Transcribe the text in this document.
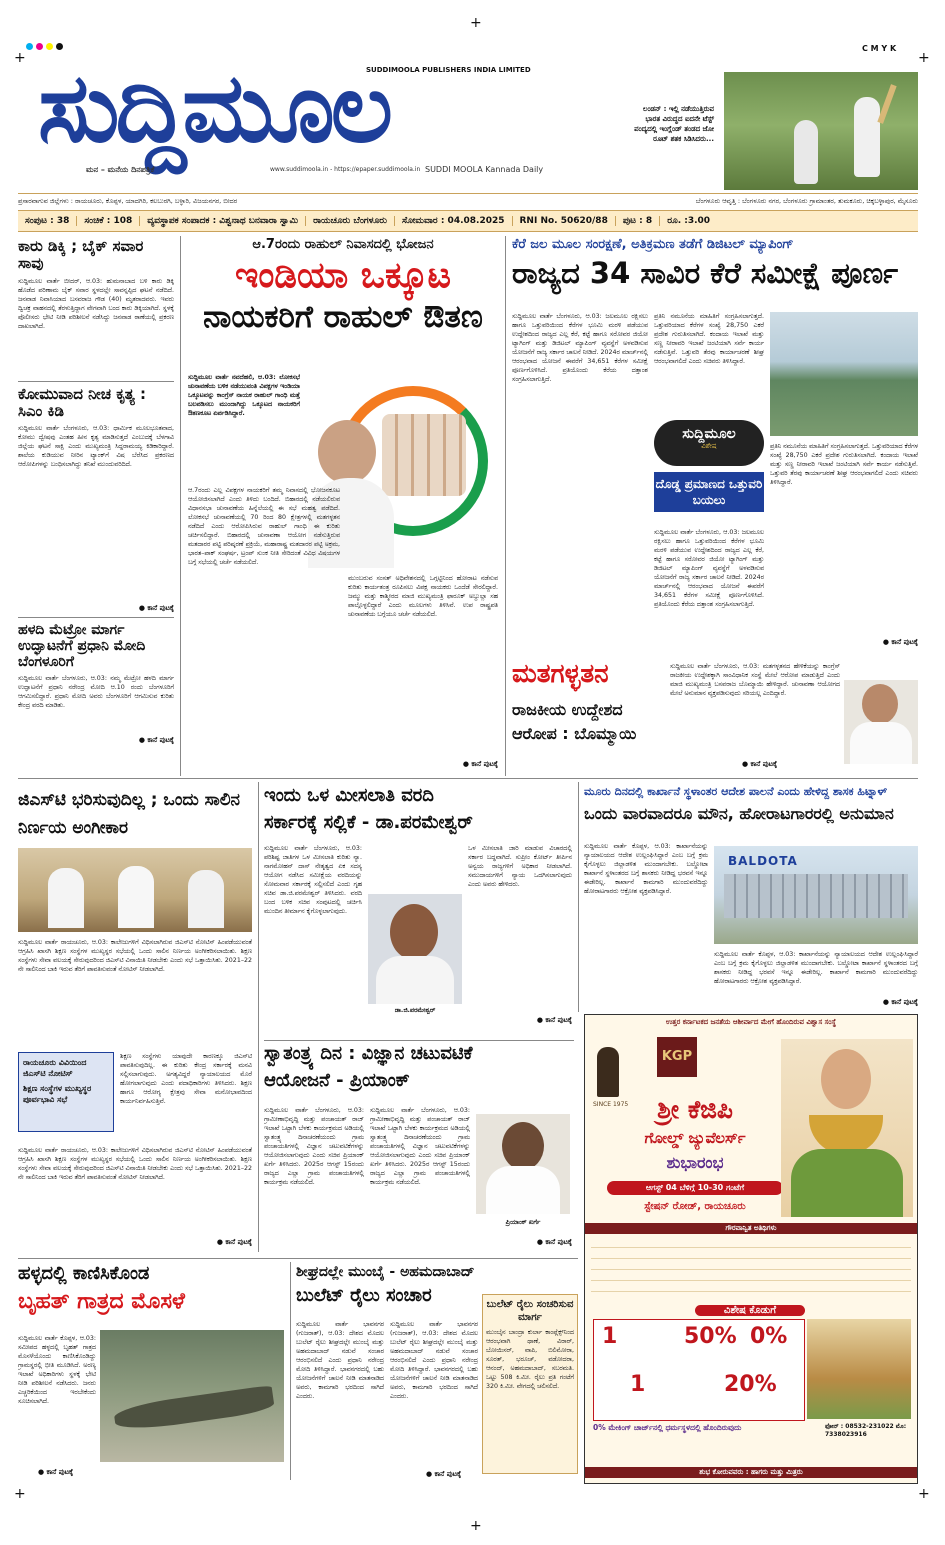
C M Y K
+
+	+
+	+
+
SUDDIMOOLA PUBLISHERS INDIA LIMITED
ಸುದ್ದಿಮೂಲ
ಮನ – ಮನೆಯ ದಿನಪತ್ರಿಕೆ	www.suddimoola.in - https://epaper.suddimoola.in SUDDI MOOLA Kannada Daily
ಲಂಡನ್ : ಇಲ್ಲಿ ನಡೆಯುತ್ತಿರುವ ಭಾರತ ವಿರುದ್ಧದ ಐದನೇ ಟೆಸ್ಟ್ ಪಂದ್ಯದಲ್ಲಿ ಇಂಗ್ಲೆಂಡ್ ತಂಡದ ಜೋ ರೂಟ್ ಶತಕ ಸಿಡಿಸಿದರು...
ಪ್ರಸಾರವಾಗುವ ಜಿಲ್ಲೆಗಳು : ರಾಯಚೂರು, ಕೊಪ್ಪಳ, ಯಾದಗಿರಿ, ಕಲಬುರಗಿ, ಬಳ್ಳಾರಿ, ವಿಜಯನಗರ, ಬೀದರ	ಬೆಂಗಳೂರು ಆವೃತ್ತಿ : ಬೆಂಗಳೂರು ನಗರ, ಬೆಂಗಳೂರು ಗ್ರಾಮಾಂತರ, ತುಮಕೂರು, ಚಿಕ್ಕಬಳ್ಳಾಪುರ, ಮೈಸೂರು
ಸಂಪುಟ : 38	ಸಂಚಿಕೆ : 108	ವ್ಯವಸ್ಥಾಪಕ ಸಂಪಾದಕ : ವಿಶ್ವನಾಥ ಬನವಾರಾ ಸ್ವಾಮಿ	ರಾಯಚೂರು ಬೆಂಗಳೂರು	ಸೋಮವಾರ : 04.08.2025	RNI No. 50620/88	ಪುಟ : 8	ರೂ. :3.00
ಕಾರು ಡಿಕ್ಕಿ ; ಬೈಕ್ ಸವಾರ ಸಾವು
ಸುದ್ದಿಮೂಲ ವಾರ್ತೆ ಬೀದರ್, ಆ.03: ಹುಮನಾಬಾದ ಬಳಿ ಕಾರು ಡಿಕ್ಕಿ ಹೊಡೆದ ಪರಿಣಾಮ ಬೈಕ್ ಸವಾರ ಸ್ಥಳದಲ್ಲೇ ಸಾವನ್ನಪ್ಪಿದ ಘಟನೆ ನಡೆದಿದೆ. ಜನವಾಡ ನಿವಾಸಿಯಾದ ಬಸವರಾಜ ಗೌಡ (40) ಮೃತರಾದವರು. ಇವರು ದ್ವಿಚಕ್ರ ವಾಹನದಲ್ಲಿ ತೆರಳುತ್ತಿದ್ದಾಗ ವೇಗವಾಗಿ ಬಂದ ಕಾರು ಡಿಕ್ಕಿಯಾಗಿದೆ. ಸ್ಥಳಕ್ಕೆ ಪೊಲೀಸರು ಭೇಟಿ ನೀಡಿ ಪರಿಶೀಲನೆ ನಡೆಸಿದ್ದು ಜನವಾಡ ಠಾಣೆಯಲ್ಲಿ ಪ್ರಕರಣ ದಾಖಲಾಗಿದೆ.
ಕೋಮುವಾದ ನೀಚ ಕೃತ್ಯ : ಸಿಎಂ ಕಿಡಿ
ಸುದ್ದಿಮೂಲ ವಾರ್ತೆ ಬೆಂಗಳೂರು, ಆ.03: ಧಾರ್ಮಿಕ ಮೂಲಭೂತವಾದ, ಕೋಮು ದ್ವೇಷವು ಎಂತಹ ಹೀನ ಕೃತ್ಯ ಮಾಡಿಸುತ್ತದೆ ಎಂಬುದಕ್ಕೆ ಬೆಳಗಾವಿ ಜಿಲ್ಲೆಯ ಘಟನೆ ಸಾಕ್ಷಿ ಎಂದು ಮುಖ್ಯಮಂತ್ರಿ ಸಿದ್ದರಾಮಯ್ಯ ಕಿಡಿಕಾರಿದ್ದಾರೆ. ಶಾಲೆಯ ಕುಡಿಯುವ ನೀರಿನ ಟ್ಯಾಂಕ್‌ಗೆ ವಿಷ ಬೆರೆಸಿದ ಪ್ರಕರಣದ ಆರೋಪಿಗಳನ್ನು ಬಂಧಿಸಲಾಗಿದ್ದು ತನಿಖೆ ಮುಂದುವರಿದಿದೆ.
● ಕಾನೆ ಪುಟಕ್ಕೆ
ಹಳದಿ ಮೆಟ್ರೋ ಮಾರ್ಗ ಉದ್ಘಾಟನೆಗೆ ಪ್ರಧಾನಿ ಮೋದಿ ಬೆಂಗಳೂರಿಗೆ
ಸುದ್ದಿಮೂಲ ವಾರ್ತೆ ಬೆಂಗಳೂರು, ಆ.03: ನಮ್ಮ ಮೆಟ್ರೋ ಹಳದಿ ಮಾರ್ಗ ಉದ್ಘಾಟನೆಗೆ ಪ್ರಧಾನಿ ನರೇಂದ್ರ ಮೋದಿ ಆ.10 ರಂದು ಬೆಂಗಳೂರಿಗೆ ಆಗಮಿಸಲಿದ್ದಾರೆ. ಪ್ರಧಾನಿ ಮೋದಿ ಅವರು ಬೆಂಗಳೂರಿಗೆ ಆಗಮಿಸುವ ಕುರಿತು ಕೇಂದ್ರ ವರದಿ ಮಾಡಿತು.
● ಕಾನೆ ಪುಟಕ್ಕೆ
ಆ.7ರಂದು ರಾಹುಲ್ ನಿವಾಸದಲ್ಲಿ ಭೋಜನ
ಇಂಡಿಯಾ ಒಕ್ಕೂಟ
ನಾಯಕರಿಗೆ ರಾಹುಲ್ ಔತಣ
ಸುದ್ದಿಮೂಲ ವಾರ್ತೆ ನವದೆಹಲಿ, ಆ.03: ಲೋಕಸಭೆ ಚುನಾವಣೆಯ ಬಳಿಕ ನಡೆಯುವಂತಿ ವಿಪಕ್ಷಗಳ ಇಂಡಿಯಾ ಒಕ್ಕೂಟವನ್ನು ಕಾಂಗ್ರೆಸ್ ನಾಯಕ ರಾಹುಲ್ ಗಾಂಧಿ ಮತ್ತೆ ಬಲಪಡಿಸಲು ಮುಂದಾಗಿದ್ದು ಒಕ್ಕೂಟದ ನಾಯಕರಿಗೆ ಔತಣಕೂಟ ಏರ್ಪಡಿಸಿದ್ದಾರೆ.
ಆ.7ರಂದು ಎಲ್ಲ ವಿಪಕ್ಷಗಳ ನಾಯಕರಿಗೆ ತಮ್ಮ ನಿವಾಸದಲ್ಲಿ ಭೋಜನಕೂಟ ಆಯೋಜಿಸಲಾಗಿದೆ ಎಂದು ತಿಳಿದು ಬಂದಿದೆ. ಬಿಹಾರದಲ್ಲಿ ನಡೆಯಲಿರುವ ವಿಧಾನಸಭಾ ಚುನಾವಣೆಯ ಹಿನ್ನೆಲೆಯಲ್ಲಿ ಈ ಸಭೆ ಮಹತ್ವ ಪಡೆದಿದೆ. ಲೋಕಸಭೆ ಚುನಾವಣೆಯಲ್ಲಿ 70 ರಿಂದ 80 ಕ್ಷೇತ್ರಗಳಲ್ಲಿ ಮತಗಳ್ಳತನ ನಡೆದಿದೆ ಎಂದು ಆರೋಪಿಸಿರುವ ರಾಹುಲ್ ಗಾಂಧಿ ಈ ಕುರಿತು ಚರ್ಚಿಸಲಿದ್ದಾರೆ. ಬಿಹಾರದಲ್ಲಿ ಚುನಾವಣಾ ಆಯೋಗ ನಡೆಸುತ್ತಿರುವ ಮತದಾರರ ಪಟ್ಟಿ ಪರಿಷ್ಕರಣೆ ಪ್ರಕ್ರಿಯೆ, ಮಹಾರಾಷ್ಟ್ರ ಮತದಾರರ ಪಟ್ಟಿ ಅಕ್ರಮ, ಭಾರತ–ಪಾಕ್ ಸಂಘರ್ಷ, ಟ್ರಂಪ್ ಸುಂಕ ನೀತಿ ಸೇರಿದಂತೆ ವಿವಿಧ ವಿಷಯಗಳ ಬಗ್ಗೆ ಸಭೆಯಲ್ಲಿ ಚರ್ಚೆ ನಡೆಯಲಿದೆ.
ಮುಂಬರುವ ಸಂಸತ್ ಅಧಿವೇಶನದಲ್ಲಿ ಒಗ್ಗಟ್ಟಿನಿಂದ ಹೋರಾಟ ನಡೆಸುವ ಕುರಿತು ಕಾರ್ಯತಂತ್ರ ರೂಪಿಸಲು ವಿಪಕ್ಷ ನಾಯಕರು ಒಂದೆಡೆ ಸೇರಲಿದ್ದಾರೆ. ಜಮ್ಮು ಮತ್ತು ಕಾಶ್ಮೀರದ ಮಾಜಿ ಮುಖ್ಯಮಂತ್ರಿ ಫಾರೂಕ್ ಅಬ್ದುಲ್ಲಾ ಸಹ ಪಾಲ್ಗೊಳ್ಳಲಿದ್ದಾರೆ ಎಂದು ಮೂಲಗಳು ತಿಳಿಸಿವೆ. ಉಪ ರಾಷ್ಟ್ರಪತಿ ಚುನಾವಣೆಯ ಬಗ್ಗೆಯೂ ಚರ್ಚೆ ನಡೆಯಲಿದೆ.
● ಕಾನೆ ಪುಟಕ್ಕೆ
ಕೆರೆ ಜಲ ಮೂಲ ಸಂರಕ್ಷಣೆ, ಅತಿಕ್ರಮಣ ತಡೆಗೆ ಡಿಜಿಟಲ್ ಮ್ಯಾಪಿಂಗ್
ರಾಜ್ಯದ 34 ಸಾವಿರ ಕೆರೆ ಸಮೀಕ್ಷೆ ಪೂರ್ಣ
ಸುದ್ದಿಮೂಲ ವಾರ್ತೆ ಬೆಂಗಳೂರು, ಆ.03: ಜಲಮೂಲ ರಕ್ಷಿಸಲು ಹಾಗೂ ಒತ್ತುವರಿಯಿಂದ ಕೆರೆಗಳ ಭೂಮಿ ಮರಳಿ ಪಡೆಯುವ ಉದ್ದೇಶದಿಂದ ರಾಜ್ಯದ ಎಲ್ಲ ಕೆರೆ, ಕಟ್ಟೆ ಹಾಗೂ ಸರೋವರ ಜಿಯೋ ಟ್ಯಾಗಿಂಗ್ ಮತ್ತು ಡಿಜಿಟಲ್ ಮ್ಯಾಪಿಂಗ್ ವ್ಯವಸ್ಥೆಗೆ ಅಳವಡಿಸುವ ಯೋಜನೆಗೆ ರಾಜ್ಯ ಸರ್ಕಾರ ಚಾಲನೆ ನೀಡಿದೆ. 2024ರ ಮಾರ್ಚ್‌ನಲ್ಲಿ ಆರಂಭವಾದ ಯೋಜನೆ ಈವರೆಗೆ 34,651 ಕೆರೆಗಳ ಸಮೀಕ್ಷೆ ಪೂರ್ಣಗೊಳಿಸಿದೆ. ಪ್ರತಿಯೊಂದು ಕೆರೆಯ ದತ್ತಾಂಶ ಸಂಗ್ರಹಿಸಲಾಗುತ್ತಿದೆ.
ಪ್ರತಿನಿ ನಮೂನೆಯ ಮಾಹಿತಿಗೆ ಸಂಗ್ರಹಿಸಲಾಗುತ್ತದೆ. ಒತ್ತುವರಿಯಾದ ಕೆರೆಗಳ ಸಂಖ್ಯೆ 28,750 ಎಕರೆ ಪ್ರದೇಶ ಗುರುತಿಸಲಾಗಿದೆ. ಕಂದಾಯ ಇಲಾಖೆ ಮತ್ತು ಸಣ್ಣ ನೀರಾವರಿ ಇಲಾಖೆ ಜಂಟಿಯಾಗಿ ಸರ್ವೆ ಕಾರ್ಯ ನಡೆಸುತ್ತಿವೆ. ಒತ್ತುವರಿ ತೆರವು ಕಾರ್ಯಾಚರಣೆ ಶೀಘ್ರ ಆರಂಭವಾಗಲಿದೆ ಎಂದು ಸಚಿವರು ತಿಳಿಸಿದ್ದಾರೆ.
ಸುದ್ದಿಮೂಲ
ವಿಶೇಷ
ದೊಡ್ಡ ಪ್ರಮಾಣದ ಒತ್ತುವರಿ ಬಯಲು
ಪ್ರತಿನಿ ನಮೂನೆಯ ಮಾಹಿತಿಗೆ ಸಂಗ್ರಹಿಸಲಾಗುತ್ತದೆ. ಒತ್ತುವರಿಯಾದ ಕೆರೆಗಳ ಸಂಖ್ಯೆ 28,750 ಎಕರೆ ಪ್ರದೇಶ ಗುರುತಿಸಲಾಗಿದೆ. ಕಂದಾಯ ಇಲಾಖೆ ಮತ್ತು ಸಣ್ಣ ನೀರಾವರಿ ಇಲಾಖೆ ಜಂಟಿಯಾಗಿ ಸರ್ವೆ ಕಾರ್ಯ ನಡೆಸುತ್ತಿವೆ. ಒತ್ತುವರಿ ತೆರವು ಕಾರ್ಯಾಚರಣೆ ಶೀಘ್ರ ಆರಂಭವಾಗಲಿದೆ ಎಂದು ಸಚಿವರು ತಿಳಿಸಿದ್ದಾರೆ.
ಸುದ್ದಿಮೂಲ ವಾರ್ತೆ ಬೆಂಗಳೂರು, ಆ.03: ಜಲಮೂಲ ರಕ್ಷಿಸಲು ಹಾಗೂ ಒತ್ತುವರಿಯಿಂದ ಕೆರೆಗಳ ಭೂಮಿ ಮರಳಿ ಪಡೆಯುವ ಉದ್ದೇಶದಿಂದ ರಾಜ್ಯದ ಎಲ್ಲ ಕೆರೆ, ಕಟ್ಟೆ ಹಾಗೂ ಸರೋವರ ಜಿಯೋ ಟ್ಯಾಗಿಂಗ್ ಮತ್ತು ಡಿಜಿಟಲ್ ಮ್ಯಾಪಿಂಗ್ ವ್ಯವಸ್ಥೆಗೆ ಅಳವಡಿಸುವ ಯೋಜನೆಗೆ ರಾಜ್ಯ ಸರ್ಕಾರ ಚಾಲನೆ ನೀಡಿದೆ. 2024ರ ಮಾರ್ಚ್‌ನಲ್ಲಿ ಆರಂಭವಾದ ಯೋಜನೆ ಈವರೆಗೆ 34,651 ಕೆರೆಗಳ ಸಮೀಕ್ಷೆ ಪೂರ್ಣಗೊಳಿಸಿದೆ. ಪ್ರತಿಯೊಂದು ಕೆರೆಯ ದತ್ತಾಂಶ ಸಂಗ್ರಹಿಸಲಾಗುತ್ತಿದೆ.
● ಕಾನೆ ಪುಟಕ್ಕೆ
ಮತಗಳ್ಳತನ
ರಾಜಕೀಯ ಉದ್ದೇಶದ ಆರೋಪ : ಬೊಮ್ಮಾಯಿ
ಸುದ್ದಿಮೂಲ ವಾರ್ತೆ ಬೆಂಗಳೂರು, ಆ.03: ಮತಗಳ್ಳತನದ ಹೇಳಿಕೆಯನ್ನು ಕಾಂಗ್ರೆಸ್ ರಾಜಕೀಯ ಉದ್ದೇಶಕ್ಕಾಗಿ ಸಾಂವಿಧಾನಿಕ ಸಂಸ್ಥೆ ಮೇಲೆ ಆರೋಪ ಮಾಡುತ್ತಿದೆ ಎಂದು ಮಾಜಿ ಮುಖ್ಯಮಂತ್ರಿ ಬಸವರಾಜ ಬೊಮ್ಮಾಯಿ ಹೇಳಿದ್ದಾರೆ. ಚುನಾವಣಾ ಆಯೋಗದ ಮೇಲೆ ಅನುಮಾನ ವ್ಯಕ್ತಪಡಿಸುವುದು ಸರಿಯಲ್ಲ ಎಂದಿದ್ದಾರೆ.
● ಕಾನೆ ಪುಟಕ್ಕೆ
ಜಿಎಸ್‌ಟಿ ಭರಿಸುವುದಿಲ್ಲ ; ಒಂದು ಸಾಲಿನ ನಿರ್ಣಯ ಅಂಗೀಕಾರ
ಸುದ್ದಿಮೂಲ ವಾರ್ತೆ ರಾಯಚೂರು, ಆ.03: ಕಾಲೇಜುಗಳಿಗೆ ವಿಧಿಸಲಾಗಿರುವ ಜಿಎಸ್‌ಟಿ ನೋಟಿಸ್ ಹಿಂಪಡೆಯುವಂತೆ ಆಗ್ರಹಿಸಿ ಖಾಸಗಿ ಶಿಕ್ಷಣ ಸಂಸ್ಥೆಗಳ ಮುಖ್ಯಸ್ಥರ ಸಭೆಯಲ್ಲಿ ಒಂದು ಸಾಲಿನ ನಿರ್ಣಯ ಅಂಗೀಕರಿಸಲಾಯಿತು. ಶಿಕ್ಷಣ ಸಂಸ್ಥೆಗಳು ಸೇವಾ ವಲಯಕ್ಕೆ ಸೇರುವುದರಿಂದ ಜಿಎಸ್‌ಟಿ ವಿನಾಯಿತಿ ನೀಡಬೇಕು ಎಂದು ಸಭೆ ಒತ್ತಾಯಿಸಿತು. 2021–22 ನೇ ಸಾಲಿನಿಂದ ಬಾಕಿ ಇರುವ ತೆರಿಗೆ ಪಾವತಿಸುವಂತೆ ನೋಟಿಸ್ ನೀಡಲಾಗಿದೆ.
ರಾಯಚೂರು ವಿವಿಯಿಂದ ಜಿಎಸ್‌ಟಿ ನೋಟಿಸ್
ಶಿಕ್ಷಣ ಸಂಸ್ಥೆಗಳ ಮುಖ್ಯಸ್ಥರ ಪೂರ್ವಭಾವಿ ಸಭೆ
ಶಿಕ್ಷಣ ಸಂಸ್ಥೆಗಳು ಯಾವುದೇ ಕಾರಣಕ್ಕೂ ಜಿಎಸ್‌ಟಿ ಪಾವತಿಸುವುದಿಲ್ಲ. ಈ ಕುರಿತು ಕೇಂದ್ರ ಸರ್ಕಾರಕ್ಕೆ ಮನವಿ ಸಲ್ಲಿಸಲಾಗುವುದು. ಅಗತ್ಯವಿದ್ದರೆ ನ್ಯಾಯಾಲಯದ ಮೊರೆ ಹೋಗಲಾಗುವುದು ಎಂದು ಪದಾಧಿಕಾರಿಗಳು ತಿಳಿಸಿದರು. ಶಿಕ್ಷಣ ಹಾಗೂ ಆರೋಗ್ಯ ಕ್ಷೇತ್ರವು ಸೇವಾ ಮನೋಭಾವದಿಂದ ಕಾರ್ಯನಿರ್ವಹಿಸುತ್ತಿವೆ.
ಸುದ್ದಿಮೂಲ ವಾರ್ತೆ ರಾಯಚೂರು, ಆ.03: ಕಾಲೇಜುಗಳಿಗೆ ವಿಧಿಸಲಾಗಿರುವ ಜಿಎಸ್‌ಟಿ ನೋಟಿಸ್ ಹಿಂಪಡೆಯುವಂತೆ ಆಗ್ರಹಿಸಿ ಖಾಸಗಿ ಶಿಕ್ಷಣ ಸಂಸ್ಥೆಗಳ ಮುಖ್ಯಸ್ಥರ ಸಭೆಯಲ್ಲಿ ಒಂದು ಸಾಲಿನ ನಿರ್ಣಯ ಅಂಗೀಕರಿಸಲಾಯಿತು. ಶಿಕ್ಷಣ ಸಂಸ್ಥೆಗಳು ಸೇವಾ ವಲಯಕ್ಕೆ ಸೇರುವುದರಿಂದ ಜಿಎಸ್‌ಟಿ ವಿನಾಯಿತಿ ನೀಡಬೇಕು ಎಂದು ಸಭೆ ಒತ್ತಾಯಿಸಿತು. 2021–22 ನೇ ಸಾಲಿನಿಂದ ಬಾಕಿ ಇರುವ ತೆರಿಗೆ ಪಾವತಿಸುವಂತೆ ನೋಟಿಸ್ ನೀಡಲಾಗಿದೆ.
● ಕಾನೆ ಪುಟಕ್ಕೆ
ಇಂದು ಒಳ ಮೀಸಲಾತಿ ವರದಿ
ಸರ್ಕಾರಕ್ಕೆ ಸಲ್ಲಿಕೆ - ಡಾ.ಪರಮೇಶ್ವರ್
ಸುದ್ದಿಮೂಲ ವಾರ್ತೆ ಬೆಂಗಳೂರು, ಆ.03: ಪರಿಶಿಷ್ಟ ಜಾತಿಗಳ ಒಳ ಮೀಸಲಾತಿ ಕುರಿತು ನ್ಯಾ. ನಾಗಮೋಹನ್ ದಾಸ್ ನೇತೃತ್ವದ ಏಕ ಸದಸ್ಯ ಆಯೋಗ ನಡೆಸಿದ ಸಮೀಕ್ಷೆಯ ವರದಿಯನ್ನು ಸೋಮವಾರ ಸರ್ಕಾರಕ್ಕೆ ಸಲ್ಲಿಸಲಿದೆ ಎಂದು ಗೃಹ ಸಚಿವ ಡಾ.ಜಿ.ಪರಮೇಶ್ವರ್ ತಿಳಿಸಿದರು. ವರದಿ ಬಂದ ಬಳಿಕ ಸಚಿವ ಸಂಪುಟದಲ್ಲಿ ಚರ್ಚಿಸಿ ಮುಂದಿನ ತೀರ್ಮಾನ ಕೈಗೊಳ್ಳಲಾಗುವುದು.
ಡಾ.ಜಿ.ಪರಮೇಶ್ವರ್
ಒಳ ಮೀಸಲಾತಿ ಜಾರಿ ಮಾಡುವ ವಿಚಾರದಲ್ಲಿ ಸರ್ಕಾರ ಬದ್ಧವಾಗಿದೆ. ಸುಪ್ರೀಂ ಕೋರ್ಟ್ ತೀರ್ಪಿನ ಅನ್ವಯ ರಾಜ್ಯಗಳಿಗೆ ಅಧಿಕಾರ ನೀಡಲಾಗಿದೆ. ಸಮುದಾಯಗಳಿಗೆ ನ್ಯಾಯ ಒದಗಿಸಲಾಗುವುದು ಎಂದು ಅವರು ಹೇಳಿದರು.
● ಕಾನೆ ಪುಟಕ್ಕೆ
ಸ್ವಾತಂತ್ರ್ಯ ದಿನ : ವಿಜ್ಞಾನ ಚಟುವಟಿಕೆ
ಆಯೋಜನೆ - ಪ್ರಿಯಾಂಕ್
ಸುದ್ದಿಮೂಲ ವಾರ್ತೆ ಬೆಂಗಳೂರು, ಆ.03: ಗ್ರಾಮೀಣಾಭಿವೃದ್ಧಿ ಮತ್ತು ಪಂಚಾಯತ್ ರಾಜ್ ಇಲಾಖೆ ಒಟ್ಟಾಗಿ ಬೆಳಕು ಕಾರ್ಯಕ್ರಮದ ಅಡಿಯಲ್ಲಿ ಸ್ವಾತಂತ್ರ್ಯ ದಿನಾಚರಣೆಯಂದು ಗ್ರಾಮ ಪಂಚಾಯತಿಗಳಲ್ಲಿ ವಿಜ್ಞಾನ ಚಟುವಟಿಕೆಗಳನ್ನು ಆಯೋಜಿಸಲಾಗುವುದು ಎಂದು ಸಚಿವ ಪ್ರಿಯಾಂಕ್ ಖರ್ಗೆ ತಿಳಿಸಿದರು. 2025ರ ಆಗಸ್ಟ್ 15ರಂದು ರಾಜ್ಯದ ಎಲ್ಲಾ ಗ್ರಾಮ ಪಂಚಾಯತಿಗಳಲ್ಲಿ ಕಾರ್ಯಕ್ರಮ ನಡೆಯಲಿದೆ.
ಸುದ್ದಿಮೂಲ ವಾರ್ತೆ ಬೆಂಗಳೂರು, ಆ.03: ಗ್ರಾಮೀಣಾಭಿವೃದ್ಧಿ ಮತ್ತು ಪಂಚಾಯತ್ ರಾಜ್ ಇಲಾಖೆ ಒಟ್ಟಾಗಿ ಬೆಳಕು ಕಾರ್ಯಕ್ರಮದ ಅಡಿಯಲ್ಲಿ ಸ್ವಾತಂತ್ರ್ಯ ದಿನಾಚರಣೆಯಂದು ಗ್ರಾಮ ಪಂಚಾಯತಿಗಳಲ್ಲಿ ವಿಜ್ಞಾನ ಚಟುವಟಿಕೆಗಳನ್ನು ಆಯೋಜಿಸಲಾಗುವುದು ಎಂದು ಸಚಿವ ಪ್ರಿಯಾಂಕ್ ಖರ್ಗೆ ತಿಳಿಸಿದರು. 2025ರ ಆಗಸ್ಟ್ 15ರಂದು ರಾಜ್ಯದ ಎಲ್ಲಾ ಗ್ರಾಮ ಪಂಚಾಯತಿಗಳಲ್ಲಿ ಕಾರ್ಯಕ್ರಮ ನಡೆಯಲಿದೆ.
ಪ್ರಿಯಾಂಕ್ ಖರ್ಗೆ
● ಕಾನೆ ಪುಟಕ್ಕೆ
ಮೂರು ದಿನದಲ್ಲಿ ಕಾರ್ಖಾನೆ ಸ್ಥಳಾಂತರ ಆದೇಶ ಪಾಲನೆ ಎಂದು ಹೇಳಿದ್ದ ಶಾಸಕ ಹಿಟ್ನಾಳ್
ಒಂದು ವಾರವಾದರೂ ಮೌನ, ಹೋರಾಟಗಾರರಲ್ಲಿ ಅನುಮಾನ
ಸುದ್ದಿಮೂಲ ವಾರ್ತೆ ಕೊಪ್ಪಳ, ಆ.03: ಕಾರ್ಖಾನೆಯನ್ನು ನ್ಯಾಯಾಲಯದ ಆದೇಶ ಉಲ್ಲಂಘಿಸಿದ್ದಾರೆ ಎಂಬ ಬಗ್ಗೆ ಕ್ರಮ ಕೈಗೊಳ್ಳಲು ಜಿಲ್ಲಾಡಳಿತ ಮುಂದಾಗಬೇಕು. ಬಲ್ಡೋಟಾ ಕಾರ್ಖಾನೆ ಸ್ಥಳಾಂತರದ ಬಗ್ಗೆ ಶಾಸಕರು ನೀಡಿದ್ದ ಭರವಸೆ ಇನ್ನೂ ಈಡೇರಿಲ್ಲ. ಕಾರ್ಖಾನೆ ಕಾಮಗಾರಿ ಮುಂದುವರೆದಿದ್ದು ಹೋರಾಟಗಾರರು ಆಕ್ರೋಶ ವ್ಯಕ್ತಪಡಿಸಿದ್ದಾರೆ.
BALDOTA
ಸುದ್ದಿಮೂಲ ವಾರ್ತೆ ಕೊಪ್ಪಳ, ಆ.03: ಕಾರ್ಖಾನೆಯನ್ನು ನ್ಯಾಯಾಲಯದ ಆದೇಶ ಉಲ್ಲಂಘಿಸಿದ್ದಾರೆ ಎಂಬ ಬಗ್ಗೆ ಕ್ರಮ ಕೈಗೊಳ್ಳಲು ಜಿಲ್ಲಾಡಳಿತ ಮುಂದಾಗಬೇಕು. ಬಲ್ಡೋಟಾ ಕಾರ್ಖಾನೆ ಸ್ಥಳಾಂತರದ ಬಗ್ಗೆ ಶಾಸಕರು ನೀಡಿದ್ದ ಭರವಸೆ ಇನ್ನೂ ಈಡೇರಿಲ್ಲ. ಕಾರ್ಖಾನೆ ಕಾಮಗಾರಿ ಮುಂದುವರೆದಿದ್ದು ಹೋರಾಟಗಾರರು ಆಕ್ರೋಶ ವ್ಯಕ್ತಪಡಿಸಿದ್ದಾರೆ.
● ಕಾನೆ ಪುಟಕ್ಕೆ
ಉತ್ತರ ಕರ್ನಾಟಕದ ಜನತೆಯ ಆಶೀರ್ವಾದ ಮೇಗೆ ಹೊಂದಿರುವ ವಿಶ್ವಾಸ ಸಂಸ್ಥೆ
SINCE 1975
KGP
ಶ್ರೀ ಕೆಜಿಪಿ
ಗೋಲ್ಡ್ ಜ್ಯುವೆಲರ್ಸ್
ಶುಭಾರಂಭ
ಆಗಸ್ಟ್ 04 ಬೆಳಿಗ್ಗೆ 10-30 ಗಂಟೆಗೆ
ಸ್ಟೇಷನ್ ರೋಡ್, ರಾಯಚೂರು
ಗೌರವಾನ್ವಿತ ಅತಿಥಿಗಳು
ವಿಶೇಷ ಕೊಡುಗೆ
1	50% 0%
1	20%
0% ಮೇಕಿಂಗ್ ಚಾರ್ಜ್‌ನಲ್ಲಿ ಧರ್ಮಸ್ಥಳದಲ್ಲಿ ಹೊಂದಿರುವುದು	ಫೋನ್ : 08532-231022 ಮೊ: 7338023916
ಶುಭ ಕೋರುವವರು : ಹಾಗರು ಮತ್ತು ಮಿತ್ರರು
ಹಳ್ಳದಲ್ಲಿ ಕಾಣಿಸಿಕೊಂಡ
ಬೃಹತ್ ಗಾತ್ರದ ಮೊಸಳೆ
ಸುದ್ದಿಮೂಲ ವಾರ್ತೆ ಕೊಪ್ಪಳ, ಆ.03: ಸಮೀಪದ ಹಳ್ಳದಲ್ಲಿ ಬೃಹತ್ ಗಾತ್ರದ ಮೊಸಳೆಯೊಂದು ಕಾಣಿಸಿಕೊಂಡಿದ್ದು ಗ್ರಾಮಸ್ಥರಲ್ಲಿ ಭೀತಿ ಮೂಡಿಸಿದೆ. ಅರಣ್ಯ ಇಲಾಖೆ ಅಧಿಕಾರಿಗಳು ಸ್ಥಳಕ್ಕೆ ಭೇಟಿ ನೀಡಿ ಪರಿಶೀಲನೆ ನಡೆಸಿದರು. ಜನರು ಎಚ್ಚರಿಕೆಯಿಂದ ಇರಬೇಕೆಂದು ಸೂಚಿಸಲಾಗಿದೆ.
● ಕಾನೆ ಪುಟಕ್ಕೆ
ಶೀಘ್ರದಲ್ಲೇ ಮುಂಬೈ - ಅಹಮದಾಬಾದ್
ಬುಲೆಟ್ ರೈಲು ಸಂಚಾರ
ಸುದ್ದಿಮೂಲ ವಾರ್ತೆ ಭಾವನಗರ (ಗುಜರಾತ್), ಆ.03: ದೇಶದ ಮೊದಲ ಬುಲೆಟ್ ರೈಲು ಶೀಘ್ರದಲ್ಲೇ ಮುಂಬೈ ಮತ್ತು ಅಹಮದಾಬಾದ್ ನಡುವೆ ಸಂಚಾರ ಆರಂಭಿಸಲಿದೆ ಎಂದು ಪ್ರಧಾನಿ ನರೇಂದ್ರ ಮೋದಿ ತಿಳಿಸಿದ್ದಾರೆ. ಭಾವನಗರದಲ್ಲಿ ಬಹು ಯೋಜನೆಗಳಿಗೆ ಚಾಲನೆ ನೀಡಿ ಮಾತನಾಡಿದ ಅವರು, ಕಾಮಗಾರಿ ಭರದಿಂದ ಸಾಗಿದೆ ಎಂದರು.
ಸುದ್ದಿಮೂಲ ವಾರ್ತೆ ಭಾವನಗರ (ಗುಜರಾತ್), ಆ.03: ದೇಶದ ಮೊದಲ ಬುಲೆಟ್ ರೈಲು ಶೀಘ್ರದಲ್ಲೇ ಮುಂಬೈ ಮತ್ತು ಅಹಮದಾಬಾದ್ ನಡುವೆ ಸಂಚಾರ ಆರಂಭಿಸಲಿದೆ ಎಂದು ಪ್ರಧಾನಿ ನರೇಂದ್ರ ಮೋದಿ ತಿಳಿಸಿದ್ದಾರೆ. ಭಾವನಗರದಲ್ಲಿ ಬಹು ಯೋಜನೆಗಳಿಗೆ ಚಾಲನೆ ನೀಡಿ ಮಾತನಾಡಿದ ಅವರು, ಕಾಮಗಾರಿ ಭರದಿಂದ ಸಾಗಿದೆ ಎಂದರು.
ಬುಲೆಟ್ ರೈಲು ಸಂಚರಿಸುವ ಮಾರ್ಗ
ಮುಂಬೈನ ಬಾಂದ್ರಾ ಕುರ್ಲಾ ಕಾಂಪ್ಲೆಕ್ಸ್‌ನಿಂದ ಆರಂಭವಾಗಿ ಥಾಣೆ, ವಿರಾರ್, ಬೋಯಿಸರ್, ವಾಪಿ, ಬಿಲಿಮೋರಾ, ಸೂರತ್, ಭರೂಚ್, ವಡೋದರಾ, ಆನಂದ್, ಅಹಮದಾಬಾದ್, ಸಬರಮತಿ. ಒಟ್ಟು 508 ಕಿ.ಮೀ. ರೈಲು ಪ್ರತಿ ಗಂಟೆಗೆ 320 ಕಿ.ಮೀ. ವೇಗದಲ್ಲಿ ಚಲಿಸಲಿದೆ.
● ಕಾನೆ ಪುಟಕ್ಕೆ
